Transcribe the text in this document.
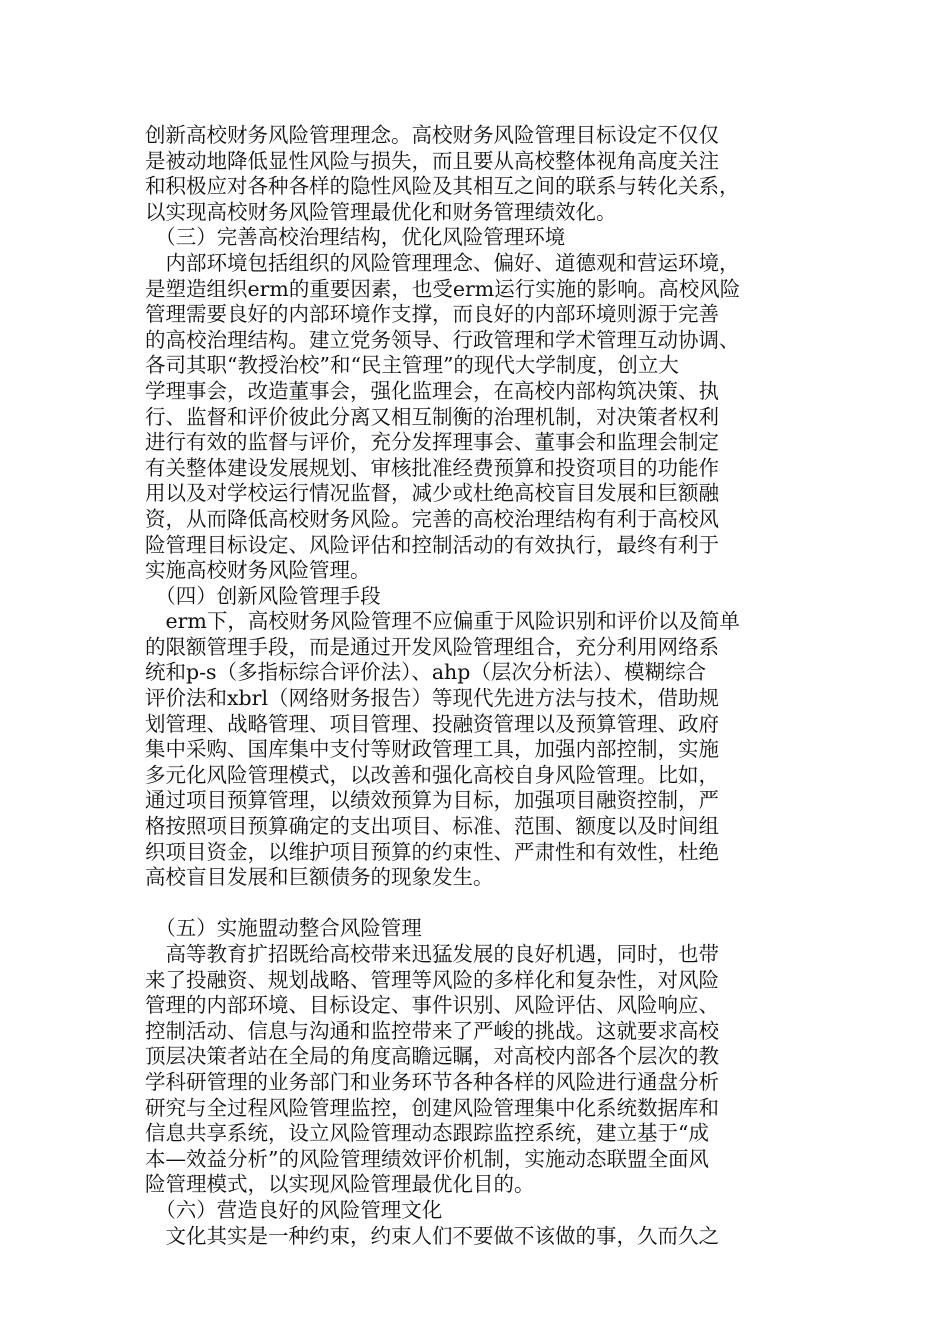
创新高校财务风险管理理念。高校财务风险管理目标设定不仅仅
是被动地降低显性风险与损失，而且要从高校整体视角高度关注
和积极应对各种各样的隐性风险及其相互之间的联系与转化关系，
以实现高校财务风险管理最优化和财务管理绩效化。
　（三）完善高校治理结构，优化风险管理环境
　内部环境包括组织的风险管理理念、偏好、道德观和营运环境，
是塑造组织erm的重要因素，也受erm运行实施的影响。高校风险
管理需要良好的内部环境作支撑，而良好的内部环境则源于完善
的高校治理结构。建立党务领导、行政管理和学术管理互动协调、
各司其职“教授治校”和“民主管理”的现代大学制度，创立大
学理事会，改造董事会，强化监理会，在高校内部构筑决策、执
行、监督和评价彼此分离又相互制衡的治理机制，对决策者权利
进行有效的监督与评价，充分发挥理事会、董事会和监理会制定
有关整体建设发展规划、审核批准经费预算和投资项目的功能作
用以及对学校运行情况监督，减少或杜绝高校盲目发展和巨额融
资，从而降低高校财务风险。完善的高校治理结构有利于高校风
险管理目标设定、风险评估和控制活动的有效执行，最终有利于
实施高校财务风险管理。
　（四）创新风险管理手段
　erm下，高校财务风险管理不应偏重于风险识别和评价以及简单
的限额管理手段，而是通过开发风险管理组合，充分利用网络系
统和p-s（多指标综合评价法）、ahp（层次分析法）、模糊综合
评价法和xbrl（网络财务报告）等现代先进方法与技术，借助规
划管理、战略管理、项目管理、投融资管理以及预算管理、政府
集中采购、国库集中支付等财政管理工具，加强内部控制，实施
多元化风险管理模式，以改善和强化高校自身风险管理。比如，
通过项目预算管理，以绩效预算为目标，加强项目融资控制，严
格按照项目预算确定的支出项目、标准、范围、额度以及时间组
织项目资金，以维护项目预算的约束性、严肃性和有效性，杜绝
高校盲目发展和巨额债务的现象发生。
　（五）实施盟动整合风险管理
　高等教育扩招既给高校带来迅猛发展的良好机遇，同时，也带
来了投融资、规划战略、管理等风险的多样化和复杂性，对风险
管理的内部环境、目标设定、事件识别、风险评估、风险响应、
控制活动、信息与沟通和监控带来了严峻的挑战。这就要求高校
顶层决策者站在全局的角度高瞻远瞩，对高校内部各个层次的教
学科研管理的业务部门和业务环节各种各样的风险进行通盘分析
研究与全过程风险管理监控，创建风险管理集中化系统数据库和
信息共享系统，设立风险管理动态跟踪监控系统，建立基于“成
本—效益分析”的风险管理绩效评价机制，实施动态联盟全面风
险管理模式，以实现风险管理最优化目的。
　（六）营造良好的风险管理文化
　文化其实是一种约束，约束人们不要做不该做的事，久而久之
